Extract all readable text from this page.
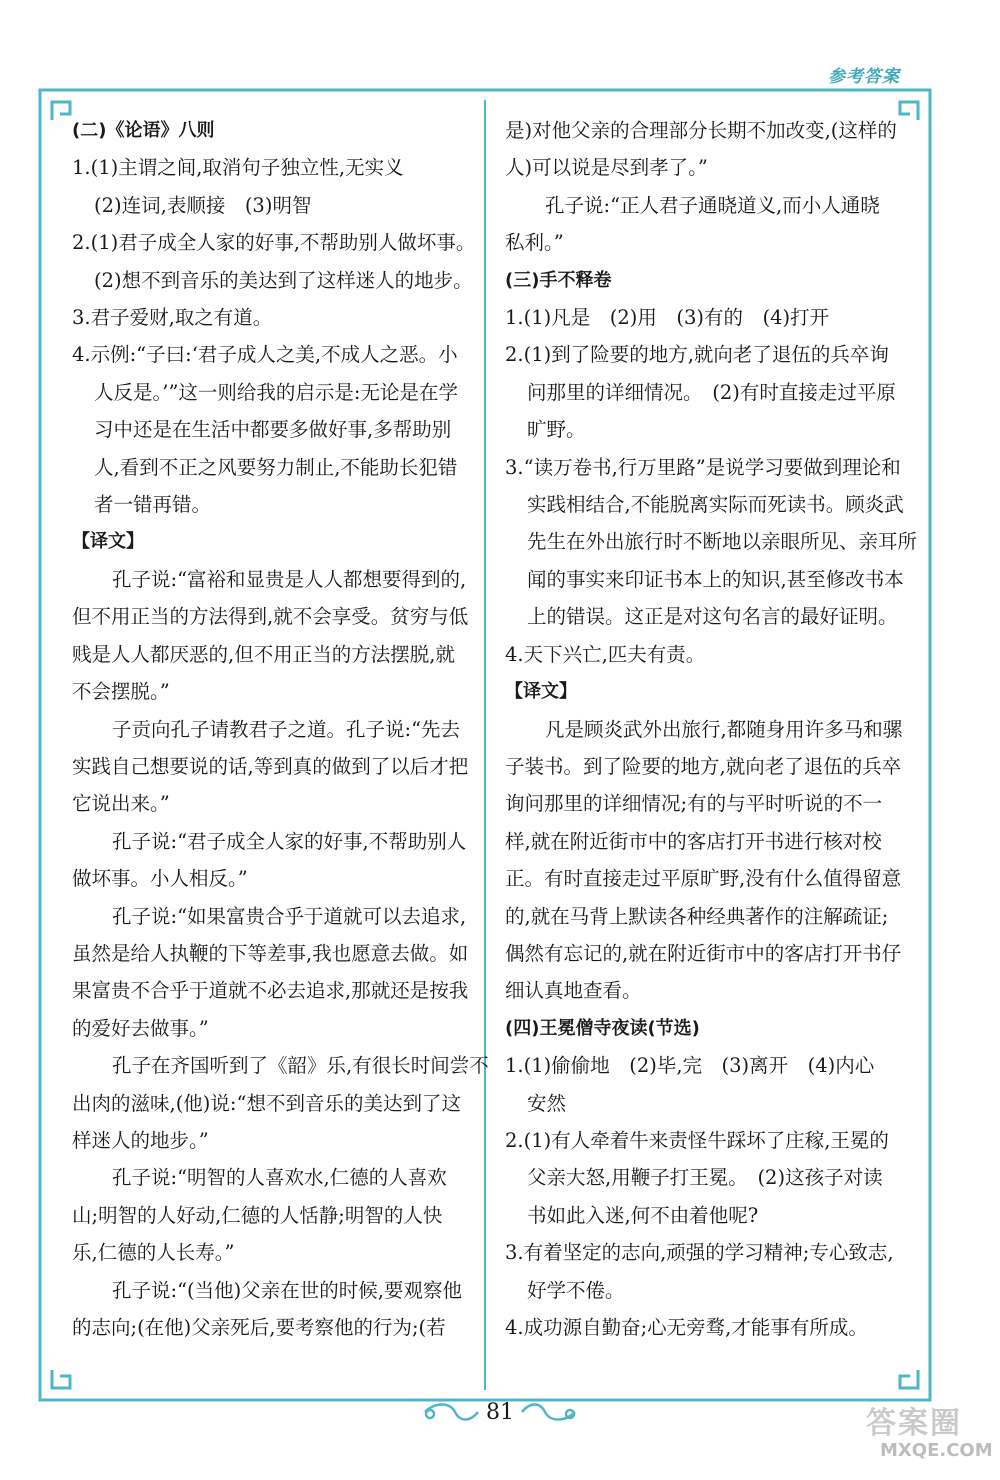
参考答案
(二)《论语》八则
1.(1)主谓之间,取消句子独立性,无实义
(2)连词,表顺接　(3)明智
2.(1)君子成全人家的好事,不帮助别人做坏事。
(2)想不到音乐的美达到了这样迷人的地步。
3.君子爱财,取之有道。
4.示例:“子曰:‘君子成人之美,不成人之恶。小
人反是。’”这一则给我的启示是:无论是在学
习中还是在生活中都要多做好事,多帮助别
人,看到不正之风要努力制止,不能助长犯错
者一错再错。
【译文】
孔子说:“富裕和显贵是人人都想要得到的,
但不用正当的方法得到,就不会享受。贫穷与低
贱是人人都厌恶的,但不用正当的方法摆脱,就
不会摆脱。”
子贡向孔子请教君子之道。孔子说:“先去
实践自己想要说的话,等到真的做到了以后才把
它说出来。”
孔子说:“君子成全人家的好事,不帮助别人
做坏事。小人相反。”
孔子说:“如果富贵合乎于道就可以去追求,
虽然是给人执鞭的下等差事,我也愿意去做。如
果富贵不合乎于道就不必去追求,那就还是按我
的爱好去做事。”
孔子在齐国听到了《韶》乐,有很长时间尝不
出肉的滋味,(他)说:“想不到音乐的美达到了这
样迷人的地步。”
孔子说:“明智的人喜欢水,仁德的人喜欢
山;明智的人好动,仁德的人恬静;明智的人快
乐,仁德的人长寿。”
孔子说:“(当他)父亲在世的时候,要观察他
的志向;(在他)父亲死后,要考察他的行为;(若
是)对他父亲的合理部分长期不加改变,(这样的
人)可以说是尽到孝了。”
孔子说:“正人君子通晓道义,而小人通晓
私利。”
(三)手不释卷
1.(1)凡是　(2)用　(3)有的　(4)打开
2.(1)到了险要的地方,就向老了退伍的兵卒询
问那里的详细情况。　(2)有时直接走过平原
旷野。
3.“读万卷书,行万里路”是说学习要做到理论和
实践相结合,不能脱离实际而死读书。顾炎武
先生在外出旅行时不断地以亲眼所见、亲耳所
闻的事实来印证书本上的知识,甚至修改书本
上的错误。这正是对这句名言的最好证明。
4.天下兴亡,匹夫有责。
【译文】
凡是顾炎武外出旅行,都随身用许多马和骡
子装书。到了险要的地方,就向老了退伍的兵卒
询问那里的详细情况;有的与平时听说的不一
样,就在附近街市中的客店打开书进行核对校
正。有时直接走过平原旷野,没有什么值得留意
的,就在马背上默读各种经典著作的注解疏证;
偶然有忘记的,就在附近街市中的客店打开书仔
细认真地查看。
(四)王冕僧寺夜读(节选)
1.(1)偷偷地　(2)毕,完　(3)离开　(4)内心
安然
2.(1)有人牵着牛来责怪牛踩坏了庄稼,王冕的
父亲大怒,用鞭子打王冕。　(2)这孩子对读
书如此入迷,何不由着他呢?
3.有着坚定的志向,顽强的学习精神;专心致志,
好学不倦。
4.成功源自勤奋;心无旁骛,才能事有所成。
81	答案圈
MXQE.COM
